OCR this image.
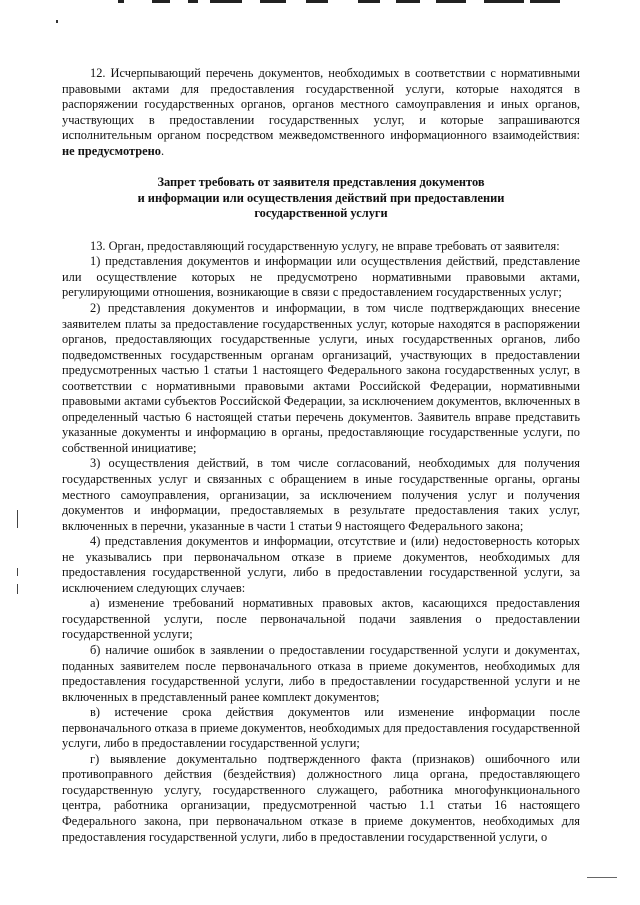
12. Исчерпывающий перечень документов, необходимых в соответствии с нормативными правовыми актами для предоставления государственной услуги, которые находятся в распоряжении государственных органов, органов местного самоуправления и иных органов, участвующих в предоставлении государственных услуг, и которые запрашиваются исполнительным органом посредством межведомственного информационного взаимодействия: не предусмотрено.

Запрет требовать от заявителя представления документов
и информации или осуществления действий при предоставлении
государственной услуги

13. Орган, предоставляющий государственную услугу, не вправе требовать от заявителя:

1) представления документов и информации или осуществления действий, представление или осуществление которых не предусмотрено нормативными правовыми актами, регулирующими отношения, возникающие в связи с предоставлением государственных услуг;

2) представления документов и информации, в том числе подтверждающих внесение заявителем платы за предоставление государственных услуг, которые находятся в распоряжении органов, предоставляющих государственные услуги, иных государственных органов, либо подведомственных государственным органам организаций, участвующих в предоставлении предусмотренных частью 1 статьи 1 настоящего Федерального закона государственных услуг, в соответствии с нормативными правовыми актами Российской Федерации, нормативными правовыми актами субъектов Российской Федерации, за исключением документов, включенных в определенный частью 6 настоящей статьи перечень документов. Заявитель вправе представить указанные документы и информацию в органы, предоставляющие государственные услуги, по собственной инициативе;

3) осуществления действий, в том числе согласований, необходимых для получения государственных услуг и связанных с обращением в иные государственные органы, органы местного самоуправления, организации, за исключением получения услуг и получения документов и информации, предоставляемых в результате предоставления таких услуг, включенных в перечни, указанные в части 1 статьи 9 настоящего Федерального закона;

4) представления документов и информации, отсутствие и (или) недостоверность которых не указывались при первоначальном отказе в приеме документов, необходимых для предоставления государственной услуги, либо в предоставлении государственной услуги, за исключением следующих случаев:

а) изменение требований нормативных правовых актов, касающихся предоставления государственной услуги, после первоначальной подачи заявления о предоставлении государственной услуги;

б) наличие ошибок в заявлении о предоставлении государственной услуги и документах, поданных заявителем после первоначального отказа в приеме документов, необходимых для предоставления государственной услуги, либо в предоставлении государственной услуги и не включенных в представленный ранее комплект документов;

в) истечение срока действия документов или изменение информации после первоначального отказа в приеме документов, необходимых для предоставления государственной услуги, либо в предоставлении государственной услуги;

г) выявление документально подтвержденного факта (признаков) ошибочного или противоправного действия (бездействия) должностного лица органа, предоставляющего государственную услугу, государственного служащего, работника многофункционального центра, работника организации, предусмотренной частью 1.1 статьи 16 настоящего Федерального закона, при первоначальном отказе в приеме документов, необходимых для предоставления государственной услуги, либо в предоставлении государственной услуги, о
